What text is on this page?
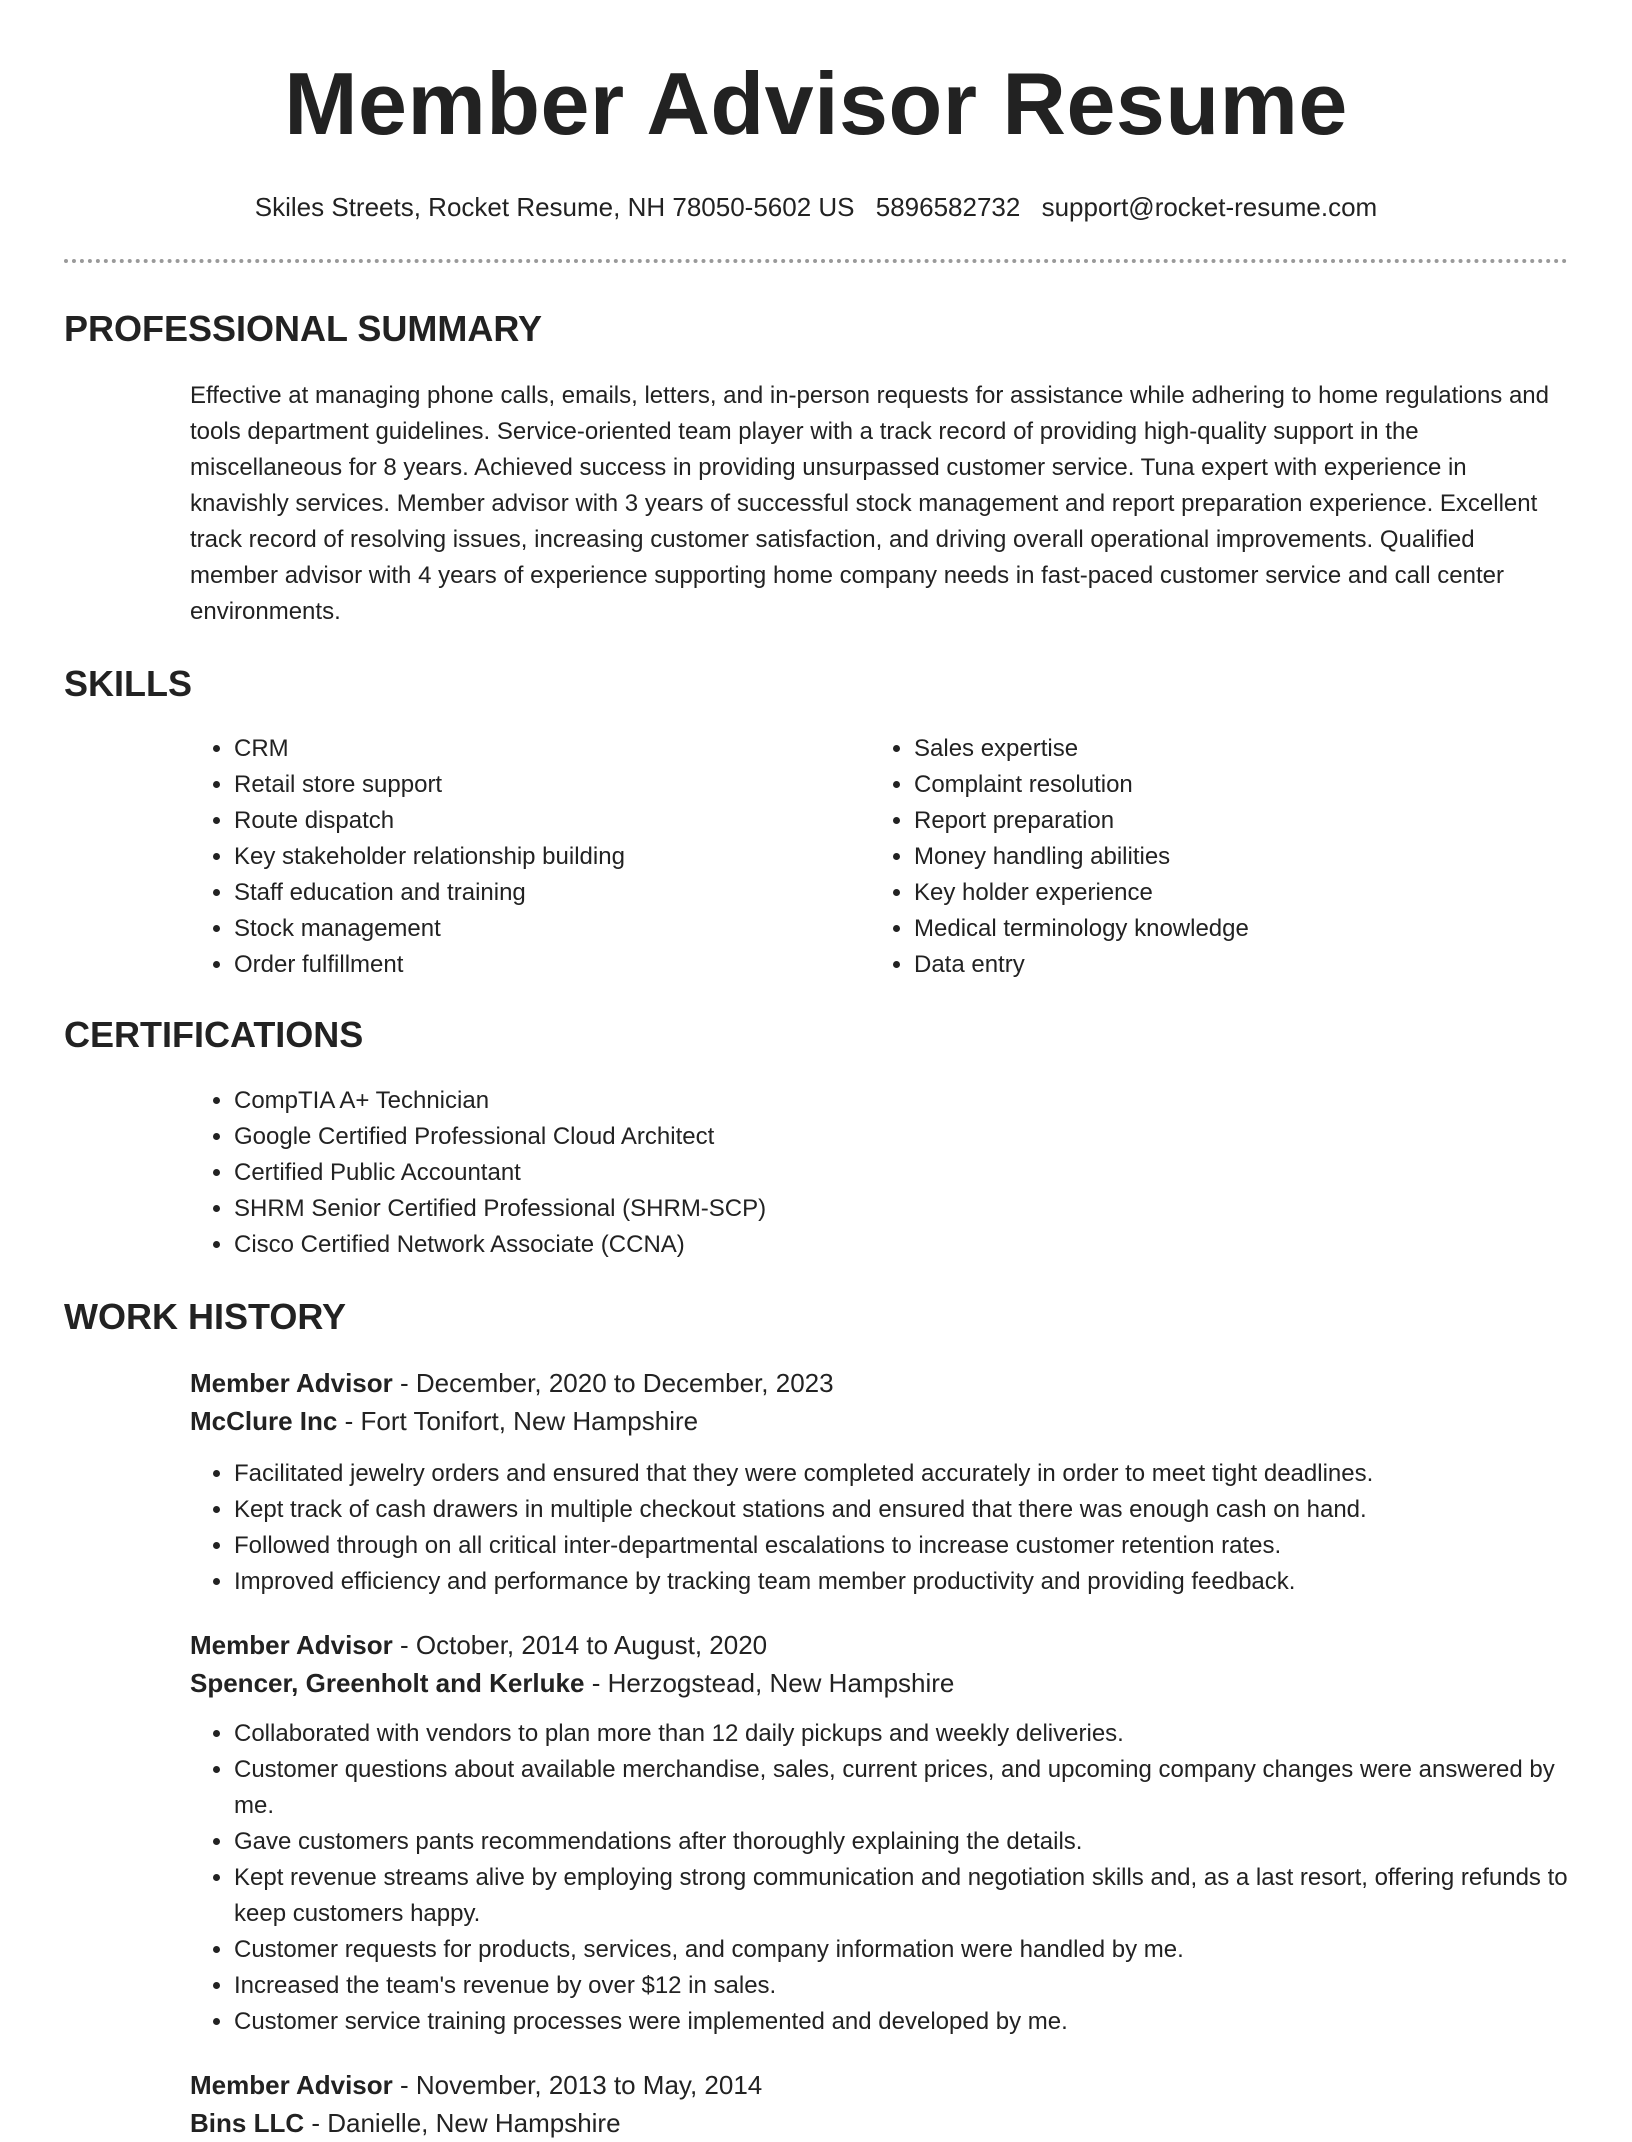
Member Advisor Resume
Skiles Streets, Rocket Resume, NH 78050-5602 US 5896582732 support@rocket-resume.com
PROFESSIONAL SUMMARY

Effective at managing phone calls, emails, letters, and in-person requests for assistance while adhering to home regulations and tools department guidelines. Service-oriented team player with a track record of providing high-quality support in the miscellaneous for 8 years. Achieved success in providing unsurpassed customer service. Tuna expert with experience in knavishly services. Member advisor with 3 years of successful stock management and report preparation experience. Excellent track record of resolving issues, increasing customer satisfaction, and driving overall operational improvements. Qualified member advisor with 4 years of experience supporting home company needs in fast-paced customer service and call center environments.

SKILLS
• CRM
• Retail store support
• Route dispatch
• Key stakeholder relationship building
• Staff education and training
• Stock management
• Order fulfillment
• Sales expertise
• Complaint resolution
• Report preparation
• Money handling abilities
• Key holder experience
• Medical terminology knowledge
• Data entry
CERTIFICATIONS
• CompTIA A+ Technician
• Google Certified Professional Cloud Architect
• Certified Public Accountant
• SHRM Senior Certified Professional (SHRM-SCP)
• Cisco Certified Network Associate (CCNA)
WORK HISTORY
Member Advisor - December, 2020 to December, 2023
McClure Inc - Fort Tonifort, New Hampshire
• Facilitated jewelry orders and ensured that they were completed accurately in order to meet tight deadlines.
• Kept track of cash drawers in multiple checkout stations and ensured that there was enough cash on hand.
• Followed through on all critical inter-departmental escalations to increase customer retention rates.
• Improved efficiency and performance by tracking team member productivity and providing feedback.
Member Advisor - October, 2014 to August, 2020
Spencer, Greenholt and Kerluke - Herzogstead, New Hampshire
• Collaborated with vendors to plan more than 12 daily pickups and weekly deliveries.
• Customer questions about available merchandise, sales, current prices, and upcoming company changes were answered by me.
• Gave customers pants recommendations after thoroughly explaining the details.
• Kept revenue streams alive by employing strong communication and negotiation skills and, as a last resort, offering refunds to keep customers happy.
• Customer requests for products, services, and company information were handled by me.
• Increased the team's revenue by over $12 in sales.
• Customer service training processes were implemented and developed by me.
Member Advisor - November, 2013 to May, 2014
Bins LLC - Danielle, New Hampshire
